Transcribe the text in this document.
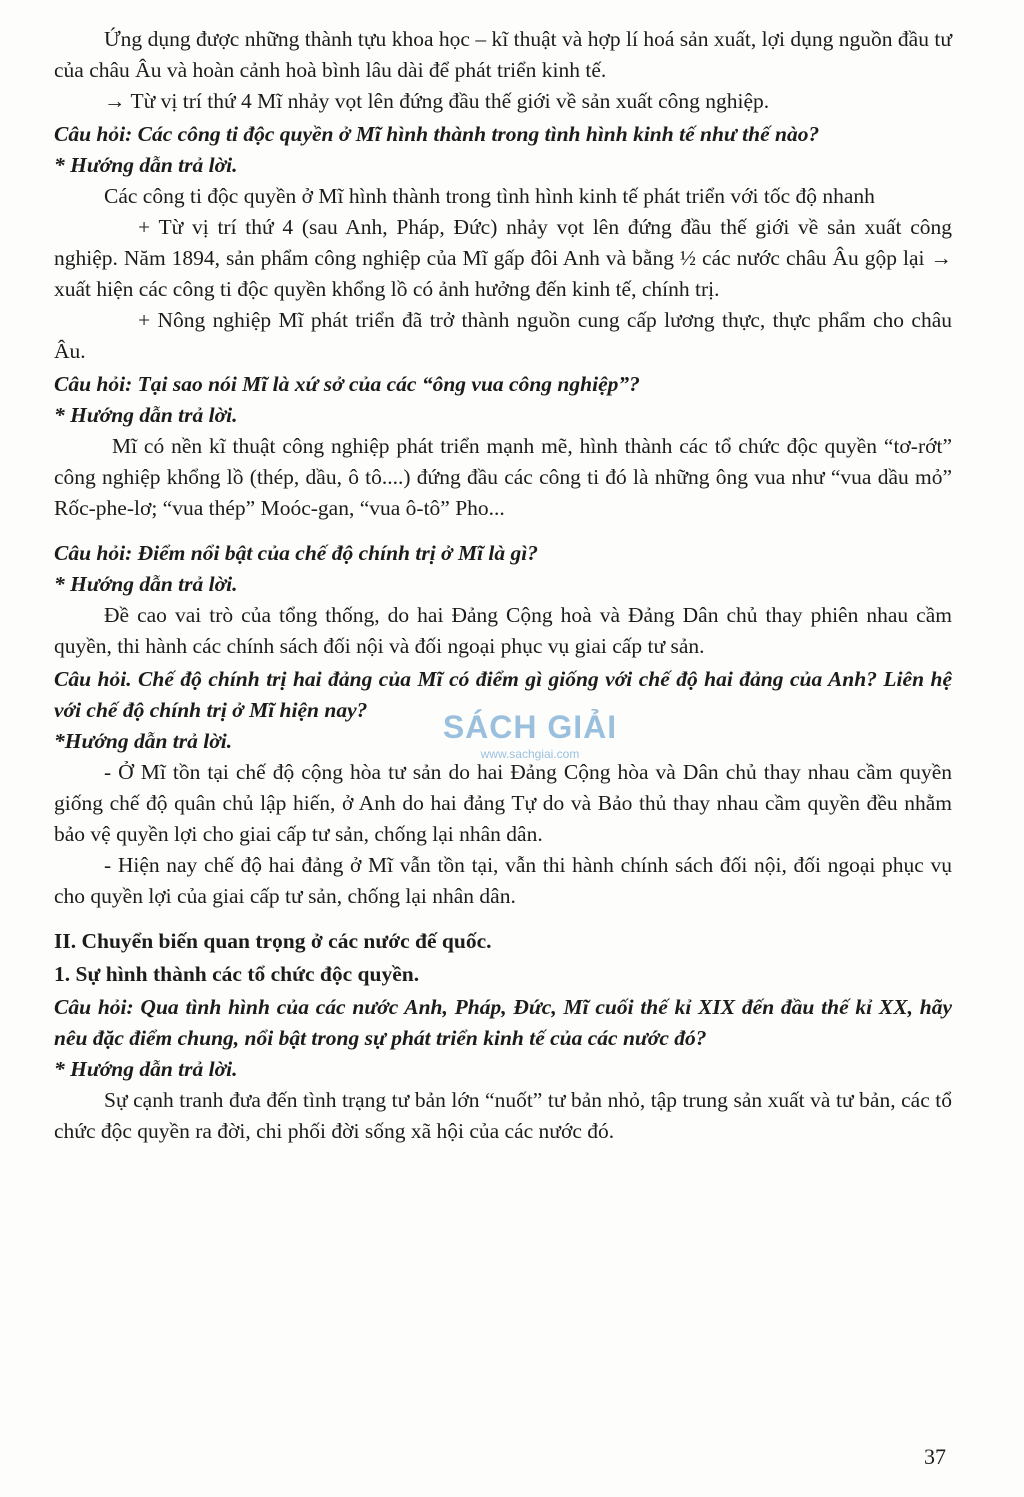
Ứng dụng được những thành tựu khoa học – kĩ thuật và hợp lí hoá sản xuất, lợi dụng nguồn đầu tư của châu Âu và hoàn cảnh hoà bình lâu dài để phát triển kinh tế.

→ Từ vị trí thứ 4 Mĩ nhảy vọt lên đứng đầu thế giới về sản xuất công nghiệp.

Câu hỏi: Các công ti độc quyền ở Mĩ hình thành trong tình hình kinh tế như thế nào?

* Hướng dẫn trả lời.

Các công ti độc quyền ở Mĩ hình thành trong tình hình kinh tế phát triển với tốc độ nhanh

+ Từ vị trí thứ 4 (sau Anh, Pháp, Đức) nhảy vọt lên đứng đầu thế giới về sản xuất công nghiệp. Năm 1894, sản phẩm công nghiệp của Mĩ gấp đôi Anh và bằng ½ các nước châu Âu gộp lại → xuất hiện các công ti độc quyền khổng lồ có ảnh hưởng đến kinh tế, chính trị.

+ Nông nghiệp Mĩ phát triển đã trở thành nguồn cung cấp lương thực, thực phẩm cho châu Âu.

Câu hỏi: Tại sao nói Mĩ là xứ sở của các “ông vua công nghiệp”?

* Hướng dẫn trả lời.

Mĩ có nền kĩ thuật công nghiệp phát triển mạnh mẽ, hình thành các tổ chức độc quyền “tơ-rớt” công nghiệp khổng lồ (thép, dầu, ô tô....) đứng đầu các công ti đó là những ông vua như “vua dầu mỏ” Rốc-phe-lơ; “vua thép” Moóc-gan, “vua ô-tô” Pho...

Câu hỏi: Điểm nổi bật của chế độ chính trị ở Mĩ là gì?

* Hướng dẫn trả lời.

Đề cao vai trò của tổng thống, do hai Đảng Cộng hoà và Đảng Dân chủ thay phiên nhau cầm quyền, thi hành các chính sách đối nội và đối ngoại phục vụ giai cấp tư sản.

Câu hỏi. Chế độ chính trị hai đảng của Mĩ có điểm gì giống với chế độ hai đảng của Anh? Liên hệ với chế độ chính trị ở Mĩ hiện nay?

*Hướng dẫn trả lời.

- Ở Mĩ tồn tại chế độ cộng hòa tư sản do hai Đảng Cộng hòa và Dân chủ thay nhau cầm quyền giống chế độ quân chủ lập hiến, ở Anh do hai đảng Tự do và Bảo thủ thay nhau cầm quyền đều nhằm bảo vệ quyền lợi cho giai cấp tư sản, chống lại nhân dân.

- Hiện nay chế độ hai đảng ở Mĩ vẫn tồn tại, vẫn thi hành chính sách đối nội, đối ngoại phục vụ cho quyền lợi của giai cấp tư sản, chống lại nhân dân.

II. Chuyển biến quan trọng ở các nước đế quốc.

1. Sự hình thành các tổ chức độc quyền.

Câu hỏi: Qua tình hình của các nước Anh, Pháp, Đức, Mĩ cuối thế kỉ XIX đến đầu thế kỉ XX, hãy nêu đặc điểm chung, nổi bật trong sự phát triển kinh tế của các nước đó?

* Hướng dẫn trả lời.

Sự cạnh tranh đưa đến tình trạng tư bản lớn “nuốt” tư bản nhỏ, tập trung sản xuất và tư bản, các tổ chức độc quyền ra đời, chi phối đời sống xã hội của các nước đó.

SÁCH GIẢI
www.sachgiai.com
37
